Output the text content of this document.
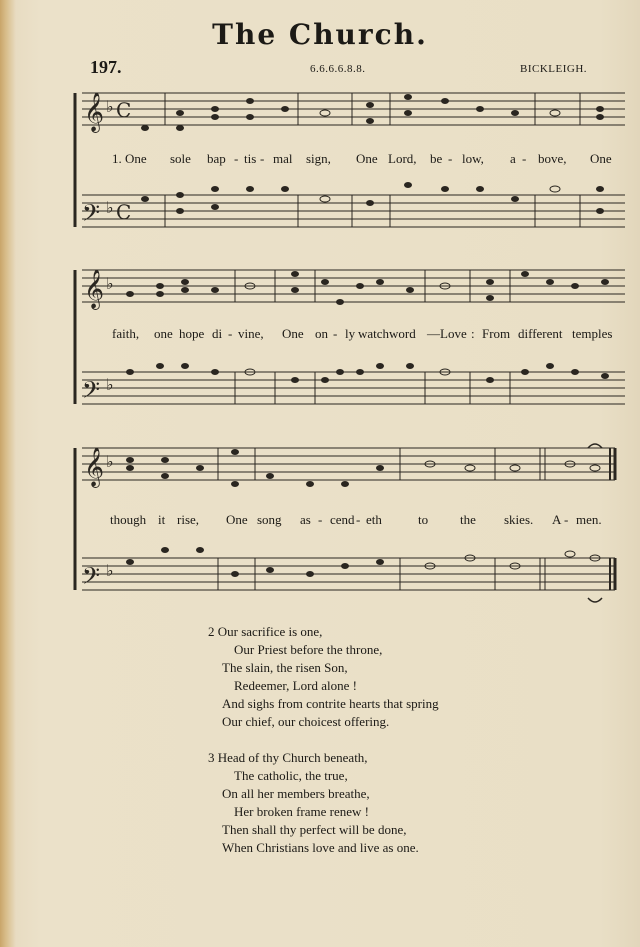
The Church.
197.	6.6.6.6.8.8.	BICKLEIGH.
𝄞 ♭ C
𝄢 ♭ C
1. One sole bap - tis - mal sign, One Lord, be - low, a - bove, One
𝄞 ♭
𝄢 ♭
faith, one hope di - vine, One on - ly watchword — Love : From different temples
𝄞 ♭
𝄢 ♭
though it rise, One song as - cend - eth	to the skies. A - men.
2 Our sacrifice is one,
Our Priest before the throne,
The slain, the risen Son,
Redeemer, Lord alone !
And sighs from contrite hearts that spring
Our chief, our choicest offering.
3 Head of thy Church beneath,
The catholic, the true,
On all her members breathe,
Her broken frame renew !
Then shall thy perfect will be done,
When Christians love and live as one.
